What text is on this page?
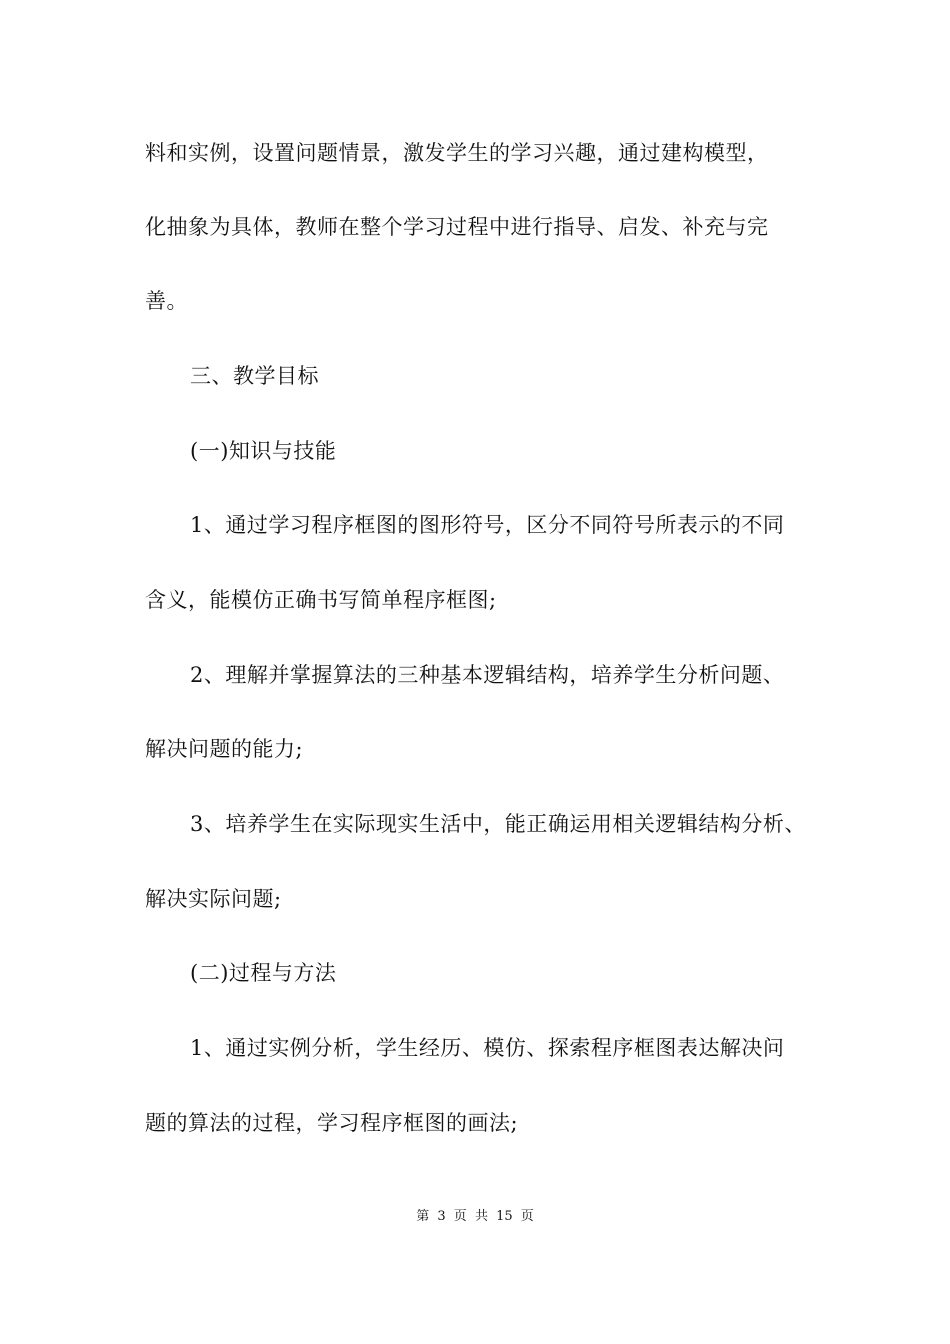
料和实例，设置问题情景，激发学生的学习兴趣，通过建构模型，
化抽象为具体，教师在整个学习过程中进行指导、启发、补充与完
善。
三、教学目标
(一)知识与技能
1、通过学习程序框图的图形符号，区分不同符号所表示的不同
含义，能模仿正确书写简单程序框图;
2、理解并掌握算法的三种基本逻辑结构，培养学生分析问题、
解决问题的能力;
3、培养学生在实际现实生活中，能正确运用相关逻辑结构分析、
解决实际问题;
(二)过程与方法
1、通过实例分析，学生经历、模仿、探索程序框图表达解决问
题的算法的过程，学习程序框图的画法;
第 3 页 共 15 页
